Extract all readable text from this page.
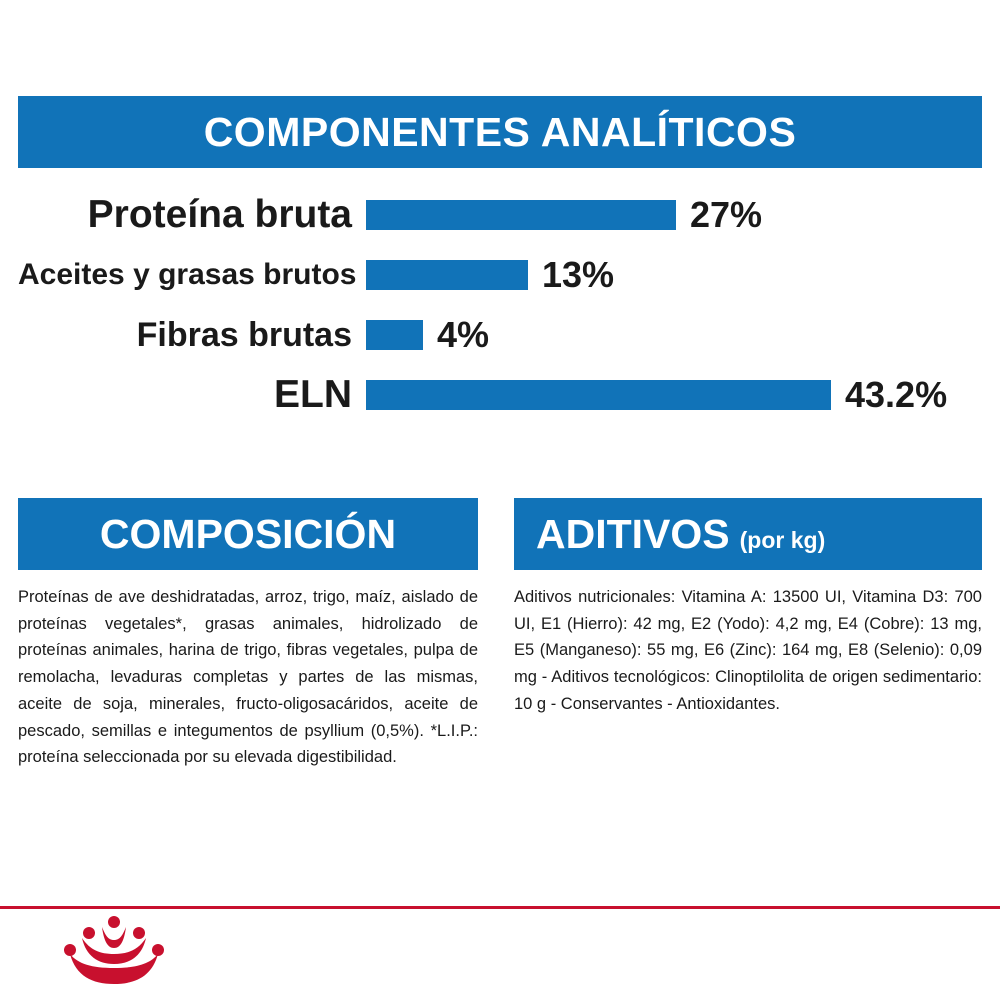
COMPONENTES ANALÍTICOS
Proteína bruta	27%
Aceites y grasas brutos	13%
Fibras brutas	4%
ELN	43.2%
COMPOSICIÓN
Proteínas de ave deshidratadas, arroz, trigo, maíz, aislado de proteínas vegetales*, grasas animales, hidrolizado de proteínas animales, harina de trigo, fibras vegetales, pulpa de remolacha, levaduras completas y partes de las mismas, aceite de soja, minerales, fructo-oligosacáridos, aceite de pescado, semillas e integumentos de psyllium (0,5%). *L.I.P.: proteína seleccionada por su elevada digestibilidad.
ADITIVOS (por kg)
Aditivos nutricionales: Vitamina A: 13500 UI, Vitamina D3: 700 UI, E1 (Hierro): 42 mg, E2 (Yodo): 4,2 mg, E4 (Cobre): 13 mg, E5 (Manganeso): 55 mg, E6 (Zinc): 164 mg, E8 (Selenio): 0,09 mg - Aditivos tecnológicos: Clinoptilolita de origen sedimentario: 10 g - Conservantes - Antioxidantes.
